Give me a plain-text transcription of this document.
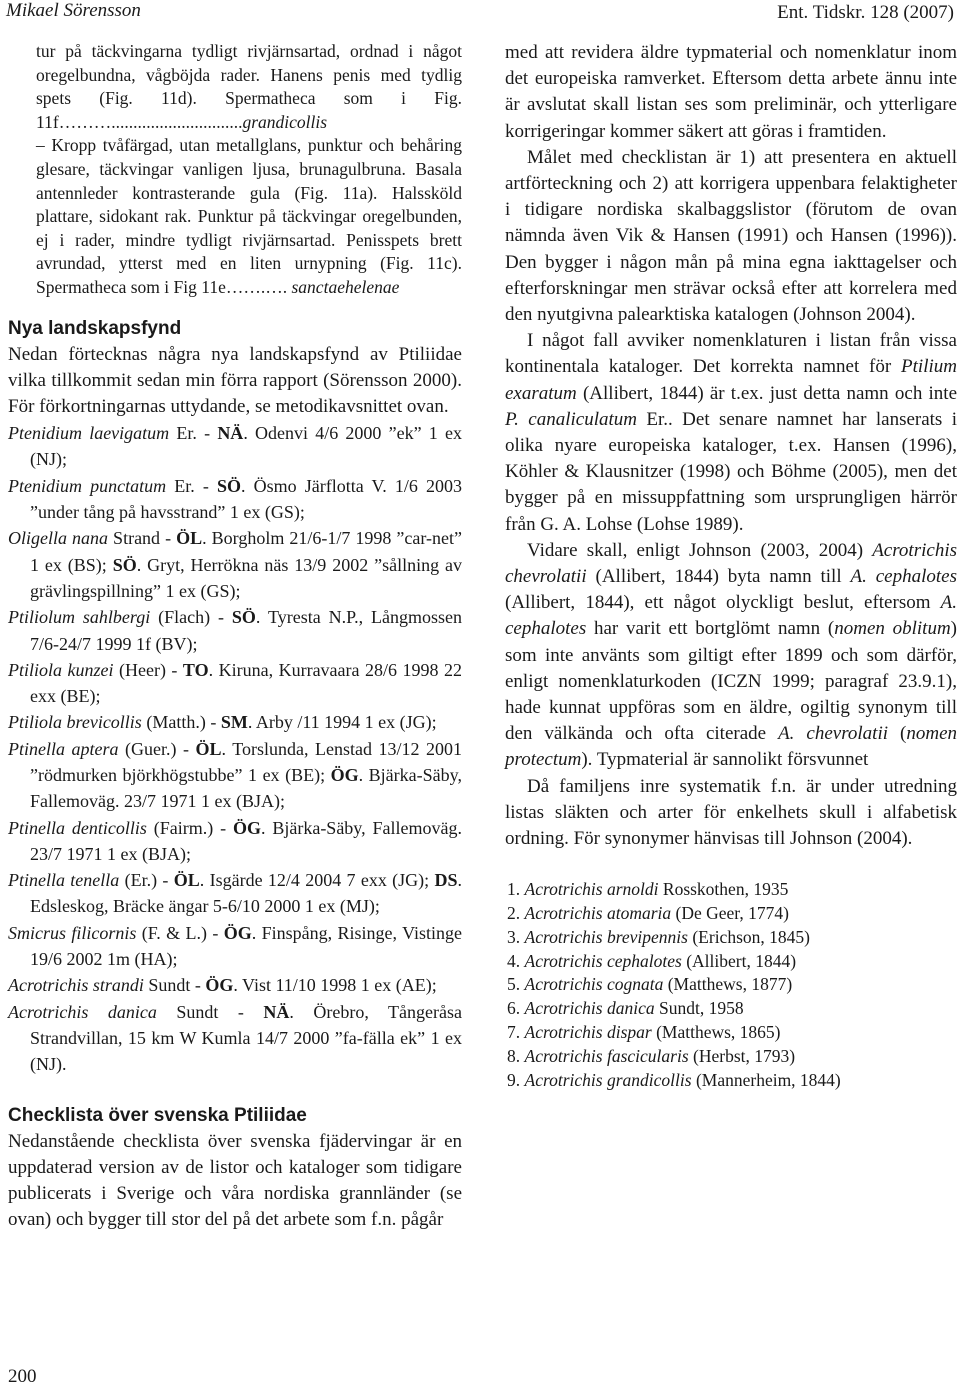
Mikael Sörensson	Ent. Tidskr. 128 (2007)

tur på täckvingarna tydligt rivjärnsartad, ordnad i något oregelbundna, vågböjda rader. Hanens penis med tydlig spets (Fig. 11d). Spermatheca som i Fig. 11f………..............................grandicollis

– Kropp tvåfärgad, utan metallglans, punktur och behåring glesare, täckvingar vanligen ljusa, brunagulbruna. Basala antennleder kontrasterande gula (Fig. 11a). Halssköld plattare, sidokant rak. Punktur på täckvingar oregelbunden, ej i rader, mindre tydligt rivjärnsartad. Penisspets brett avrundad, ytterst med en liten urnypning (Fig. 11c). Spermatheca som i Fig 11e…….…. sanctaehelenae

Nya landskapsfynd

Nedan förtecknas några nya landskapsfynd av Ptiliidae vilka tillkommit sedan min förra rapport (Sörensson 2000). För förkortningarnas uttydande, se metodikavsnittet ovan.

Ptenidium laevigatum Er. - NÄ. Odenvi 4/6 2000 ”ek” 1 ex (NJ);

Ptenidium punctatum Er. - SÖ. Ösmo Järflotta V. 1/6 2003 ”under tång på havsstrand” 1 ex (GS);

Oligella nana Strand - ÖL. Borgholm 21/6-1/7 1998 ”car-net” 1 ex (BS); SÖ. Gryt, Herrökna näs 13/9 2002 ”sållning av grävlingspillning” 1 ex (GS);

Ptiliolum sahlbergi (Flach) - SÖ. Tyresta N.P., Långmossen 7/6-24/7 1999 1f (BV);

Ptiliola kunzei (Heer) - TO. Kiruna, Kurravaara 28/6 1998 22 exx (BE);

Ptiliola brevicollis (Matth.) - SM. Arby /11 1994 1 ex (JG);

Ptinella aptera (Guer.) - ÖL. Torslunda, Lenstad 13/12 2001 ”rödmurken björkhögstubbe” 1 ex (BE); ÖG. Bjärka-Säby, Fallemoväg. 23/7 1971 1 ex (BJA);

Ptinella denticollis (Fairm.) - ÖG. Bjärka-Säby, Fallemoväg. 23/7 1971 1 ex (BJA);

Ptinella tenella (Er.) - ÖL. Isgärde 12/4 2004 7 exx (JG); DS. Edsleskog, Bräcke ängar 5-6/10 2000 1 ex (MJ);

Smicrus filicornis (F. & L.) - ÖG. Finspång, Risinge, Vistinge 19/6 2002 1m (HA);

Acrotrichis strandi Sundt - ÖG. Vist 11/10 1998 1 ex (AE);

Acrotrichis danica Sundt - NÄ. Örebro, Tångeråsa Strandvillan, 15 km W Kumla 14/7 2000 ”fa-fälla ek” 1 ex (NJ).

Checklista över svenska Ptiliidae

Nedanstående checklista över svenska fjädervingar är en uppdaterad version av de listor och kataloger som tidigare publicerats i Sverige och våra nordiska grannländer (se ovan) och bygger till stor del på det arbete som f.n. pågår

med att revidera äldre typmaterial och nomenklatur inom det europeiska ramverket. Eftersom detta arbete ännu inte är avslutat skall listan ses som preliminär, och ytterligare korrigeringar kommer säkert att göras i framtiden.

Målet med checklistan är 1) att presentera en aktuell artförteckning och 2) att korrigera uppenbara felaktigheter i tidigare nordiska skalbaggslistor (förutom de ovan nämnda även Vik & Hansen (1991) och Hansen (1996)). Den bygger i någon mån på mina egna iakttagelser och efterforskningar men strävar också efter att korrelera med den nyutgivna palearktiska katalogen (Johnson 2004).

I något fall avviker nomenklaturen i listan från vissa kontinentala kataloger. Det korrekta namnet för Ptilium exaratum (Allibert, 1844) är t.ex. just detta namn och inte P. canaliculatum Er.. Det senare namnet har lanserats i olika nyare europeiska kataloger, t.ex. Hansen (1996), Köhler & Klausnitzer (1998) och Böhme (2005), men det bygger på en missuppfattning som ursprungligen härrör från G. A. Lohse (Lohse 1989).

Vidare skall, enligt Johnson (2003, 2004) Acrotrichis chevrolatii (Allibert, 1844) byta namn till A. cephalotes (Allibert, 1844), ett något olyckligt beslut, eftersom A. cephalotes har varit ett bortglömt namn (nomen oblitum) som inte använts som giltigt efter 1899 och som därför, enligt nomenklaturkoden (ICZN 1999; paragraf 23.9.1), hade kunnat uppföras som en äldre, ogiltig synonym till den välkända och ofta citerade A. chevrolatii (nomen protectum). Typmaterial är sannolikt försvunnet

Då familjens inre systematik f.n. är under utredning listas släkten och arter för enkelhets skull i alfabetisk ordning. För synonymer hänvisas till Johnson (2004).

1. Acrotrichis arnoldi Rosskothen, 1935
2. Acrotrichis atomaria (De Geer, 1774)
3. Acrotrichis brevipennis (Erichson, 1845)
4. Acrotrichis cephalotes (Allibert, 1844)
5. Acrotrichis cognata (Matthews, 1877)
6. Acrotrichis danica Sundt, 1958
7. Acrotrichis dispar (Matthews, 1865)
8. Acrotrichis fascicularis (Herbst, 1793)
9. Acrotrichis grandicollis (Mannerheim, 1844)
200
